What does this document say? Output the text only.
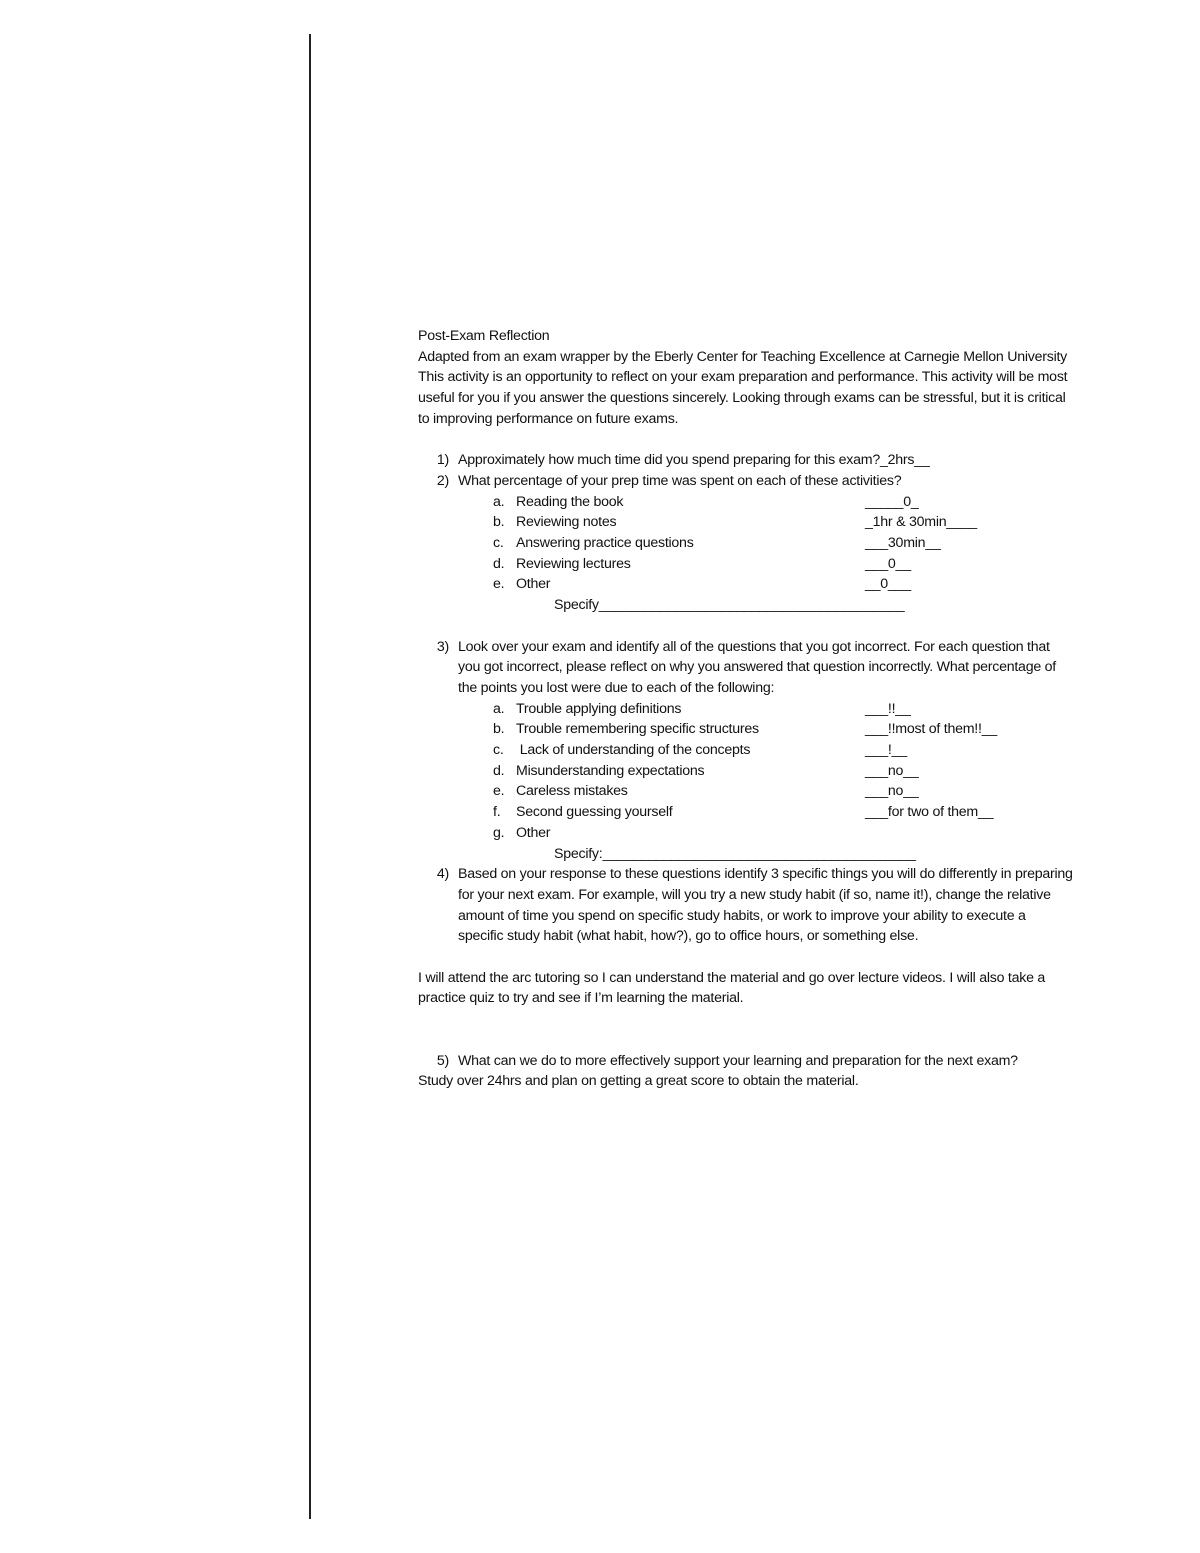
Post-Exam Reflection

Adapted from an exam wrapper by the Eberly Center for Teaching Excellence at Carnegie Mellon University

This activity is an opportunity to reflect on your exam preparation and performance. This activity will be most useful for you if you answer the questions sincerely. Looking through exams can be stressful, but it is critical to improving performance on future exams.

1) Approximately how much time did you spend preparing for this exam?_2hrs__
2) What percentage of your prep time was spent on each of these activities?
a. Reading the book	_____0_
b. Reviewing notes	_1hr & 30min____
c. Answering practice questions	___30min__
d. Reviewing lectures	___0__
e. Other	__0___

Specify________________________________________

3) Look over your exam and identify all of the questions that you got incorrect. For each question that you got incorrect, please reflect on why you answered that question incorrectly. What percentage of the points you lost were due to each of the following:
a. Trouble applying definitions	___!!__
b. Trouble remembering specific structures	___!!most of them!!__
c. Lack of understanding of the concepts	___!__
d. Misunderstanding expectations	___no__
e. Careless mistakes	___no__
f.	Second guessing yourself	___for two of them__
g. Other

Specify:_________________________________________

4) Based on your response to these questions identify 3 specific things you will do differently in preparing for your next exam. For example, will you try a new study habit (if so, name it!), change the relative amount of time you spend on specific study habits, or work to improve your ability to execute a specific study habit (what habit, how?), go to office hours, or something else.

I will attend the arc tutoring so I can understand the material and go over lecture videos. I will also take a practice quiz to try and see if I’m learning the material.

5) What can we do to more effectively support your learning and preparation for the next exam?

Study over 24hrs and plan on getting a great score to obtain the material.
